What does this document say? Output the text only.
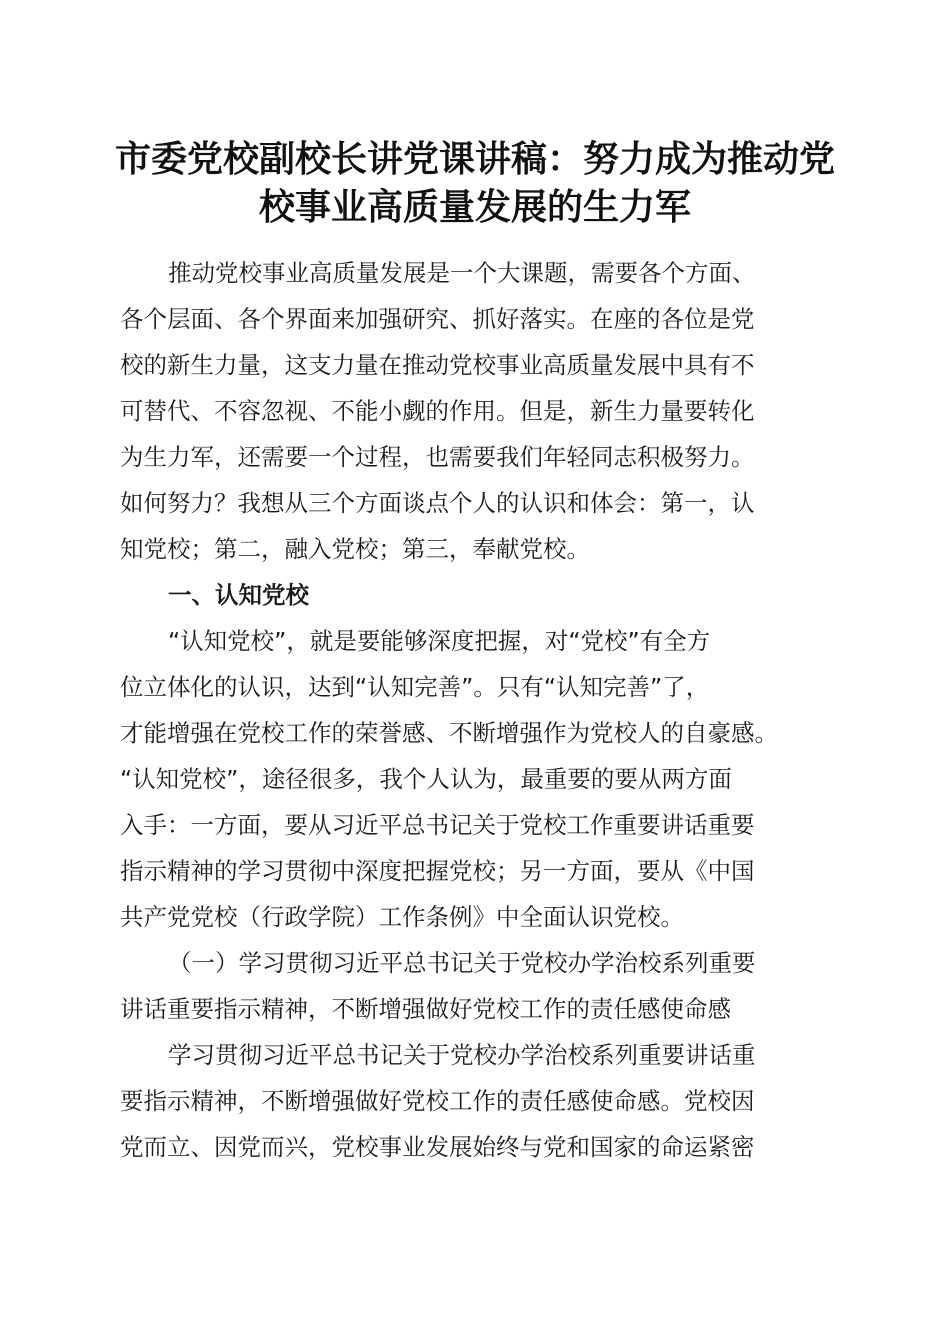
市委党校副校长讲党课讲稿：努力成为推动党
校事业高质量发展的生力军
推动党校事业高质量发展是一个大课题，需要各个方面、
各个层面、各个界面来加强研究、抓好落实。在座的各位是党
校的新生力量，这支力量在推动党校事业高质量发展中具有不
可替代、不容忽视、不能小觑的作用。但是，新生力量要转化
为生力军，还需要一个过程，也需要我们年轻同志积极努力。
如何努力？我想从三个方面谈点个人的认识和体会：第一，认
知党校；第二，融入党校；第三，奉献党校。
一、认知党校
“认知党校”，就是要能够深度把握，对“党校”有全方
位立体化的认识，达到“认知完善”。只有“认知完善”了，
才能增强在党校工作的荣誉感、不断增强作为党校人的自豪感。
“认知党校”，途径很多，我个人认为，最重要的要从两方面
入手：一方面，要从习近平总书记关于党校工作重要讲话重要
指示精神的学习贯彻中深度把握党校；另一方面，要从《中国
共产党党校（行政学院）工作条例》中全面认识党校。
（一）学习贯彻习近平总书记关于党校办学治校系列重要
讲话重要指示精神，不断增强做好党校工作的责任感使命感
学习贯彻习近平总书记关于党校办学治校系列重要讲话重
要指示精神，不断增强做好党校工作的责任感使命感。党校因
党而立、因党而兴，党校事业发展始终与党和国家的命运紧密
